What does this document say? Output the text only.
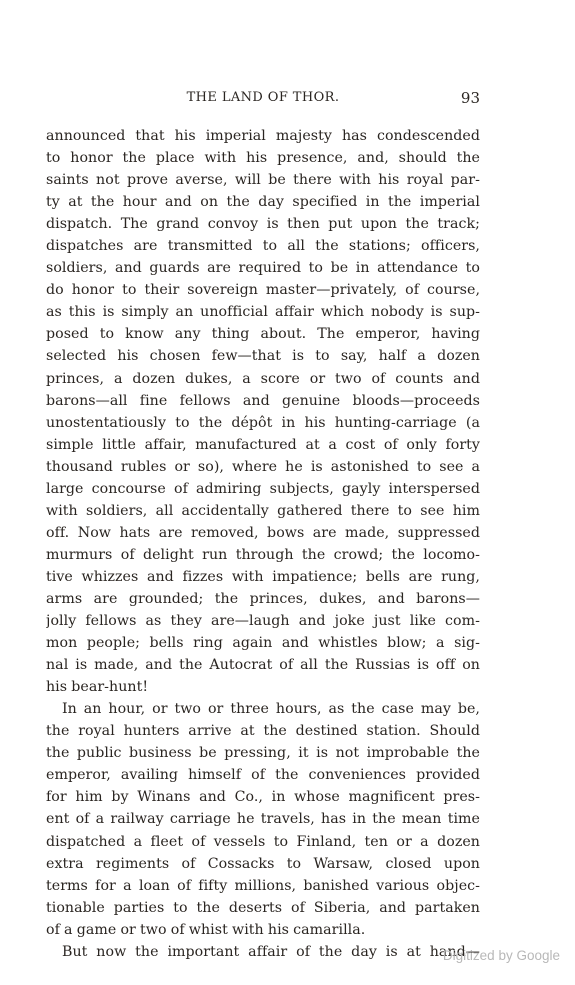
THE LAND OF THOR.	93
announced that his imperial majesty has condescended
to honor the place with his presence, and, should the
saints not prove averse, will be there with his royal par-
ty at the hour and on the day specified in the imperial
dispatch. The grand convoy is then put upon the track;
dispatches are transmitted to all the stations; officers,
soldiers, and guards are required to be in attendance to
do honor to their sovereign master—privately, of course,
as this is simply an unofficial affair which nobody is sup-
posed to know any thing about. The emperor, having
selected his chosen few—that is to say, half a dozen
princes, a dozen dukes, a score or two of counts and
barons—all fine fellows and genuine bloods—proceeds
unostentatiously to the dépôt in his hunting-carriage (a
simple little affair, manufactured at a cost of only forty
thousand rubles or so), where he is astonished to see a
large concourse of admiring subjects, gayly interspersed
with soldiers, all accidentally gathered there to see him
off. Now hats are removed, bows are made, suppressed
murmurs of delight run through the crowd; the locomo-
tive whizzes and fizzes with impatience; bells are rung,
arms are grounded; the princes, dukes, and barons—
jolly fellows as they are—laugh and joke just like com-
mon people; bells ring again and whistles blow; a sig-
nal is made, and the Autocrat of all the Russias is off on
his bear-hunt!
In an hour, or two or three hours, as the case may be,
the royal hunters arrive at the destined station. Should
the public business be pressing, it is not improbable the
emperor, availing himself of the conveniences provided
for him by Winans and Co., in whose magnificent pres-
ent of a railway carriage he travels, has in the mean time
dispatched a fleet of vessels to Finland, ten or a dozen
extra regiments of Cossacks to Warsaw, closed upon
terms for a loan of fifty millions, banished various objec-
tionable parties to the deserts of Siberia, and partaken
of a game or two of whist with his camarilla.
But now the important affair of the day is at hand—
Digitized by Google
